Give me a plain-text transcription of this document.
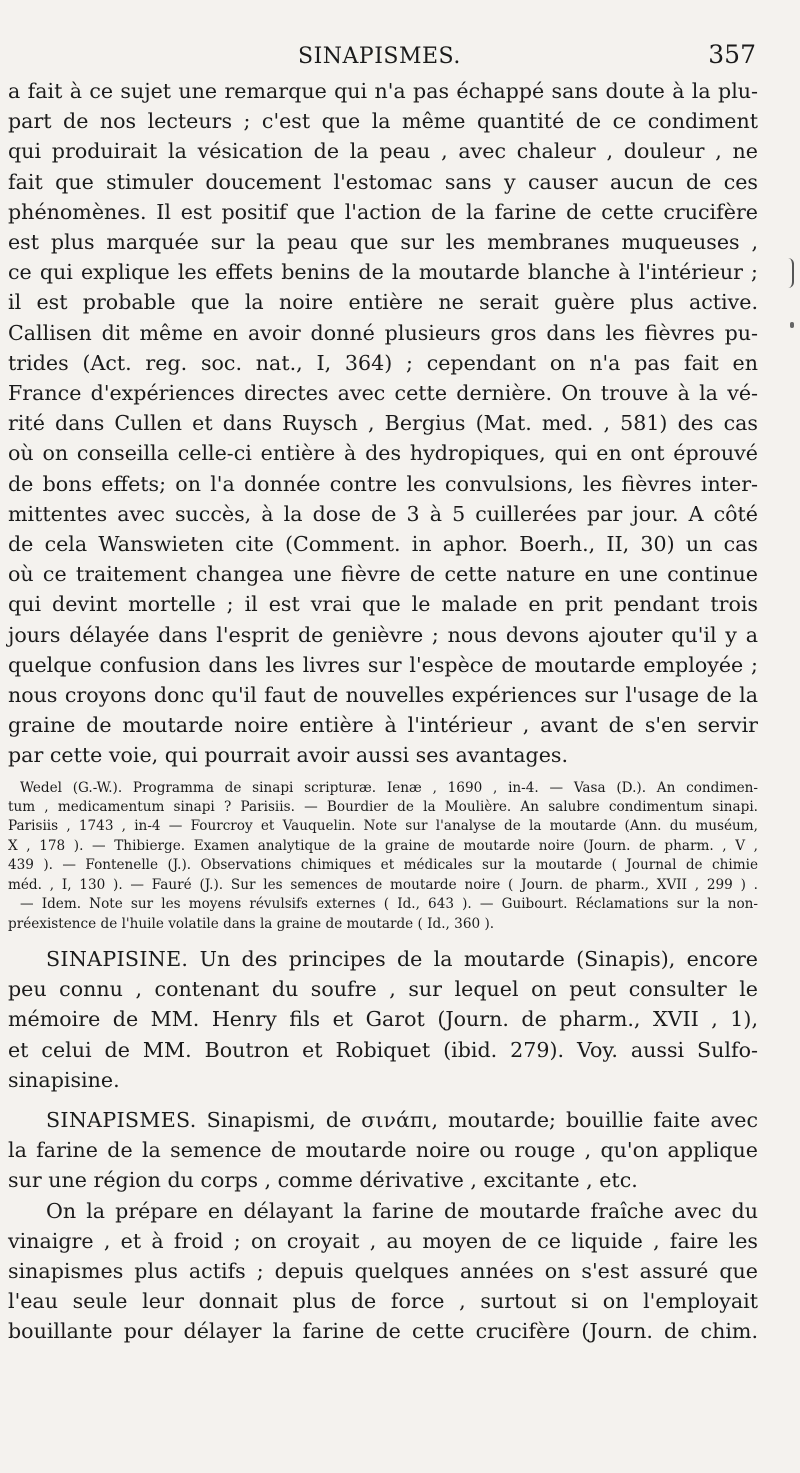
SINAPISMES.	357

a fait à ce sujet une remarque qui n'a pas échappé sans doute à la plu-
part de nos lecteurs ; c'est que la même quantité de ce condiment
qui produirait la vésication de la peau , avec chaleur , douleur , ne
fait que stimuler doucement l'estomac sans y causer aucun de ces
phénomènes. Il est positif que l'action de la farine de cette crucifère
est plus marquée sur la peau que sur les membranes muqueuses ,
ce qui explique les effets benins de la moutarde blanche à l'intérieur ;
il est probable que la noire entière ne serait guère plus active.
Callisen dit même en avoir donné plusieurs gros dans les fièvres pu-
trides (Act. reg. soc. nat., I, 364) ; cependant on n'a pas fait en
France d'expériences directes avec cette dernière. On trouve à la vé-
rité dans Cullen et dans Ruysch , Bergius (Mat. med. , 581) des cas
où on conseilla celle-ci entière à des hydropiques, qui en ont éprouvé
de bons effets; on l'a donnée contre les convulsions, les fièvres inter-
mittentes avec succès, à la dose de 3 à 5 cuillerées par jour. A côté
de cela Wanswieten cite (Comment. in aphor. Boerh., II, 30) un cas
où ce traitement changea une fièvre de cette nature en une continue
qui devint mortelle ; il est vrai que le malade en prit pendant trois
jours délayée dans l'esprit de genièvre ; nous devons ajouter qu'il y a
quelque confusion dans les livres sur l'espèce de moutarde employée ;
nous croyons donc qu'il faut de nouvelles expériences sur l'usage de la
graine de moutarde noire entière à l'intérieur , avant de s'en servir
par cette voie, qui pourrait avoir aussi ses avantages.

Wedel (G.-W.). Programma de sinapi scripturæ. Ienæ , 1690 , in-4. — Vasa (D.). An condimen-
tum , medicamentum sinapi ? Parisiis. — Bourdier de la Moulière. An salubre condimentum sinapi.
Parisiis , 1743 , in-4 — Fourcroy et Vauquelin. Note sur l'analyse de la moutarde (Ann. du muséum,
X , 178 ). — Thibierge. Examen analytique de la graine de moutarde noire (Journ. de pharm. , V ,
439 ). — Fontenelle (J.). Observations chimiques et médicales sur la moutarde ( Journal de chimie
méd. , I, 130 ). — Fauré (J.). Sur les semences de moutarde noire ( Journ. de pharm., XVII , 299 ) .
— Idem. Note sur les moyens révulsifs externes ( Id., 643 ). — Guibourt. Réclamations sur la non-
préexistence de l'huile volatile dans la graine de moutarde ( Id., 360 ).

SINAPISINE. Un des principes de la moutarde (Sinapis), encore
peu connu , contenant du soufre , sur lequel on peut consulter le
mémoire de MM. Henry fils et Garot (Journ. de pharm., XVII , 1),
et celui de MM. Boutron et Robiquet (ibid. 279). Voy. aussi Sulfo-
sinapisine.

SINAPISMES. Sinapismi, de σινάπι, moutarde; bouillie faite avec
la farine de la semence de moutarde noire ou rouge , qu'on applique
sur une région du corps , comme dérivative , excitante , etc.

On la prépare en délayant la farine de moutarde fraîche avec du
vinaigre , et à froid ; on croyait , au moyen de ce liquide , faire les
sinapismes plus actifs ; depuis quelques années on s'est assuré que
l'eau seule leur donnait plus de force , surtout si on l'employait
bouillante pour délayer la farine de cette crucifère (Journ. de chim.
